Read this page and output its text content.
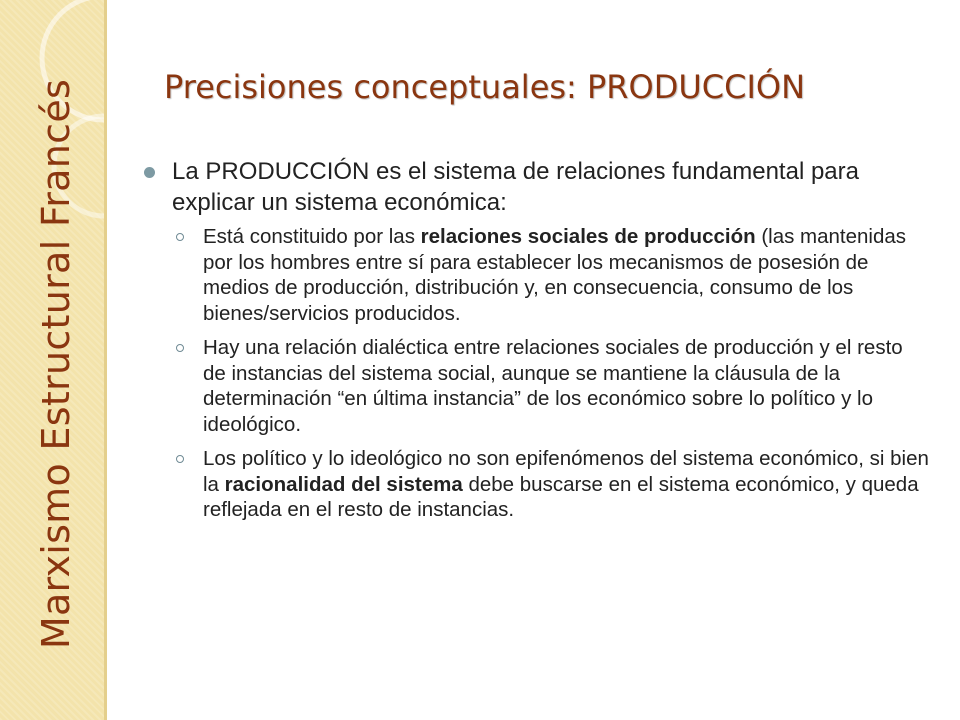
Marxismo Estructural Francés	Precisiones conceptuales: PRODUCCIÓN
La PRODUCCIÓN es el sistema de relaciones fundamental para explicar un sistema económica:
Está constituido por las relaciones sociales de producción (las mantenidas por los hombres entre sí para establecer los mecanismos de posesión de medios de producción, distribución y, en consecuencia, consumo de los bienes/servicios producidos.
Hay una relación dialéctica entre relaciones sociales de producción y el resto de instancias del sistema social, aunque se mantiene la cláusula de la determinación “en última instancia” de los económico sobre lo político y lo ideológico.
Los político y lo ideológico no son epifenómenos del sistema económico, si bien la racionalidad del sistema debe buscarse en el sistema económico, y queda reflejada en el resto de instancias.
